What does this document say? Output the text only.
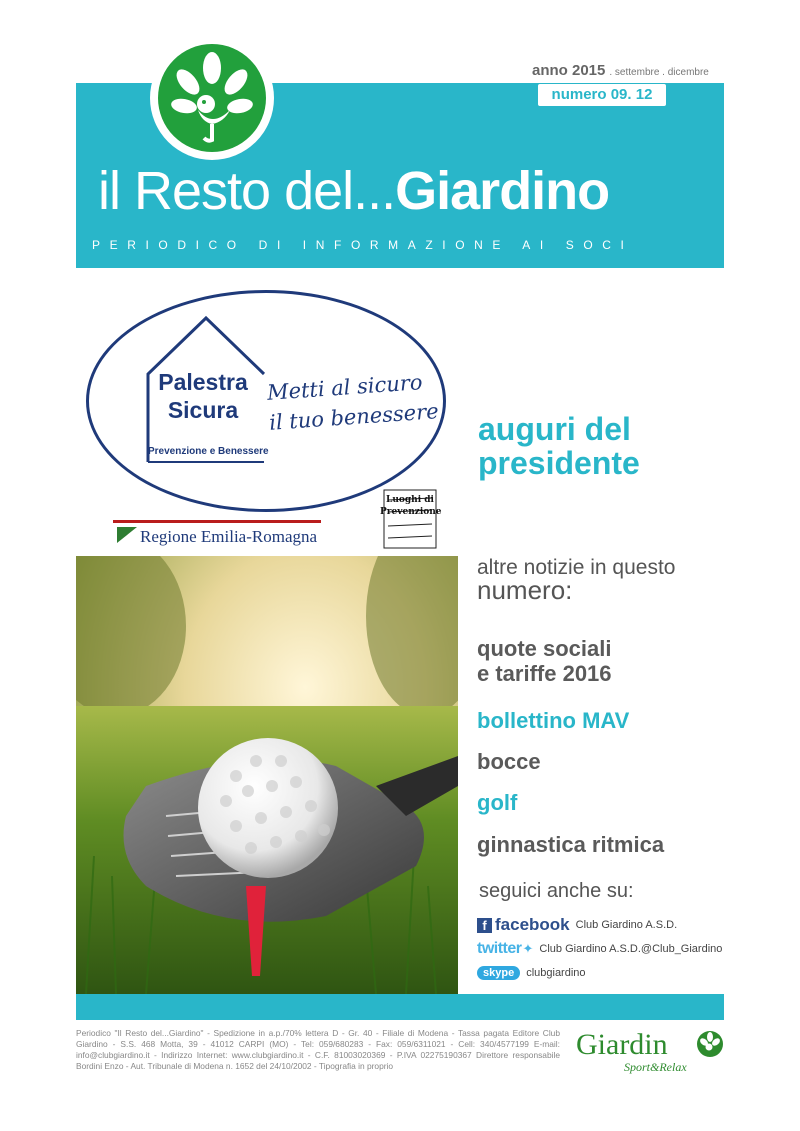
anno 2015 . settembre . dicembre
numero 09. 12
il Resto del...Giardino
PERIODICO DI INFORMAZIONE AI SOCI
Palestra Sicura
Prevenzione e Benessere
Metti al sicuro
il tuo benessere
Regione Emilia-Romagna
Luoghi di Prevenzione
auguri del presidente
altre notizie in questo
numero:
quote sociali
e tariffe 2016
bollettino MAV
bocce
golf
ginnastica ritmica
seguici anche su:
f facebook Club Giardino A.S.D.
twitter ✦ Club Giardino A.S.D.@Club_Giardino
skype	clubgiardino
Periodico "Il Resto del...Giardino" - Spedizione in a.p./70% lettera D - Gr. 40 - Filiale di Modena - Tassa pagata Editore Club Giardino - S.S. 468 Motta, 39 - 41012 CARPI (MO) - Tel: 059/680283 - Fax: 059/6311021 - Cell: 340/4577199 E-mail: info@clubgiardino.it - Indirizzo Internet: www.clubgiardino.it - C.F. 81003020369 - P.IVA 02275190367 Direttore responsabile Bordini Enzo - Aut. Tribunale di Modena n. 1652 del 24/10/2002 - Tipografia in proprio
Giardin
Sport&Relax
